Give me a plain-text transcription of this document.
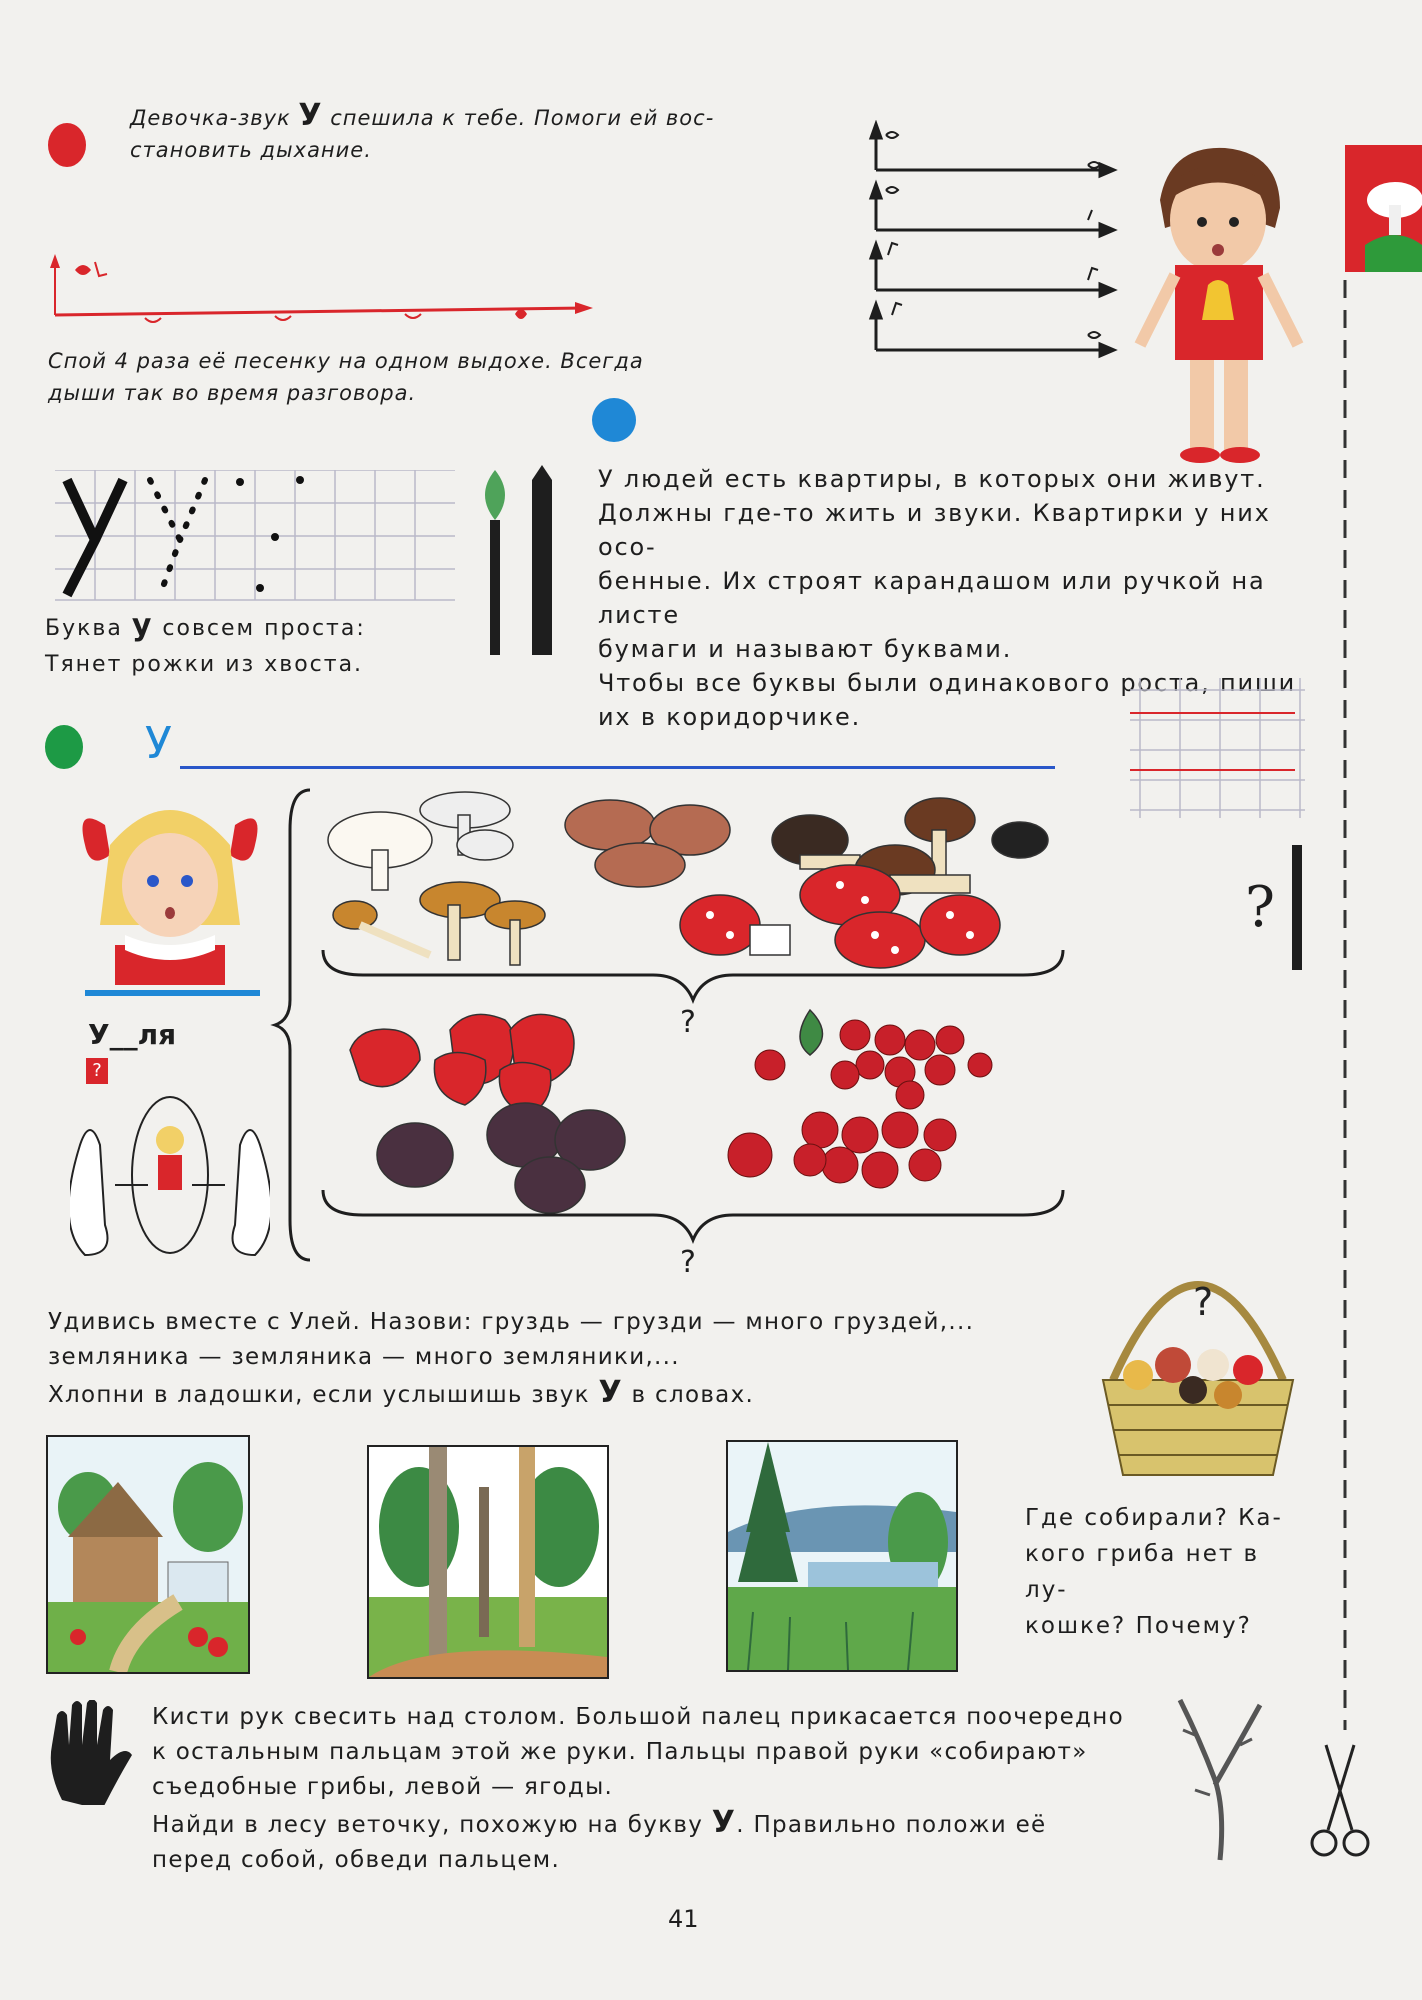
Девочка-звук У спешила к тебе. Помоги ей вос-
становить дыхание.
Спой 4 раза её песенку на одном выдохе. Всегда
дыши так во время разговора.
Буква у совсем проста:
Тянет рожки из хвоста.
У людей есть квартиры, в которых они живут.
Должны где-то жить и звуки. Квартирки у них осо-
бенные. Их строят карандашом или ручкой на листе
бумаги и называют буквами.
Чтобы все буквы были одинакового роста, пиши
их в коридорчике.
У
У__ля
?
?
?
?
Удивись вместе с Улей. Назови: груздь — грузди — много груздей,...
земляника — земляника — много земляники,...
Хлопни в ладошки, если услышишь звук У в словах.
?
Где собирали? Ка-
кого гриба нет в лу-
кошке? Почему?
Кисти рук свесить над столом. Большой палец прикасается поочередно
к остальным пальцам этой же руки. Пальцы правой руки «собирают»
съедобные грибы, левой — ягоды.
Найди в лесу веточку, похожую на букву У. Правильно положи её
перед собой, обведи пальцем.
41
